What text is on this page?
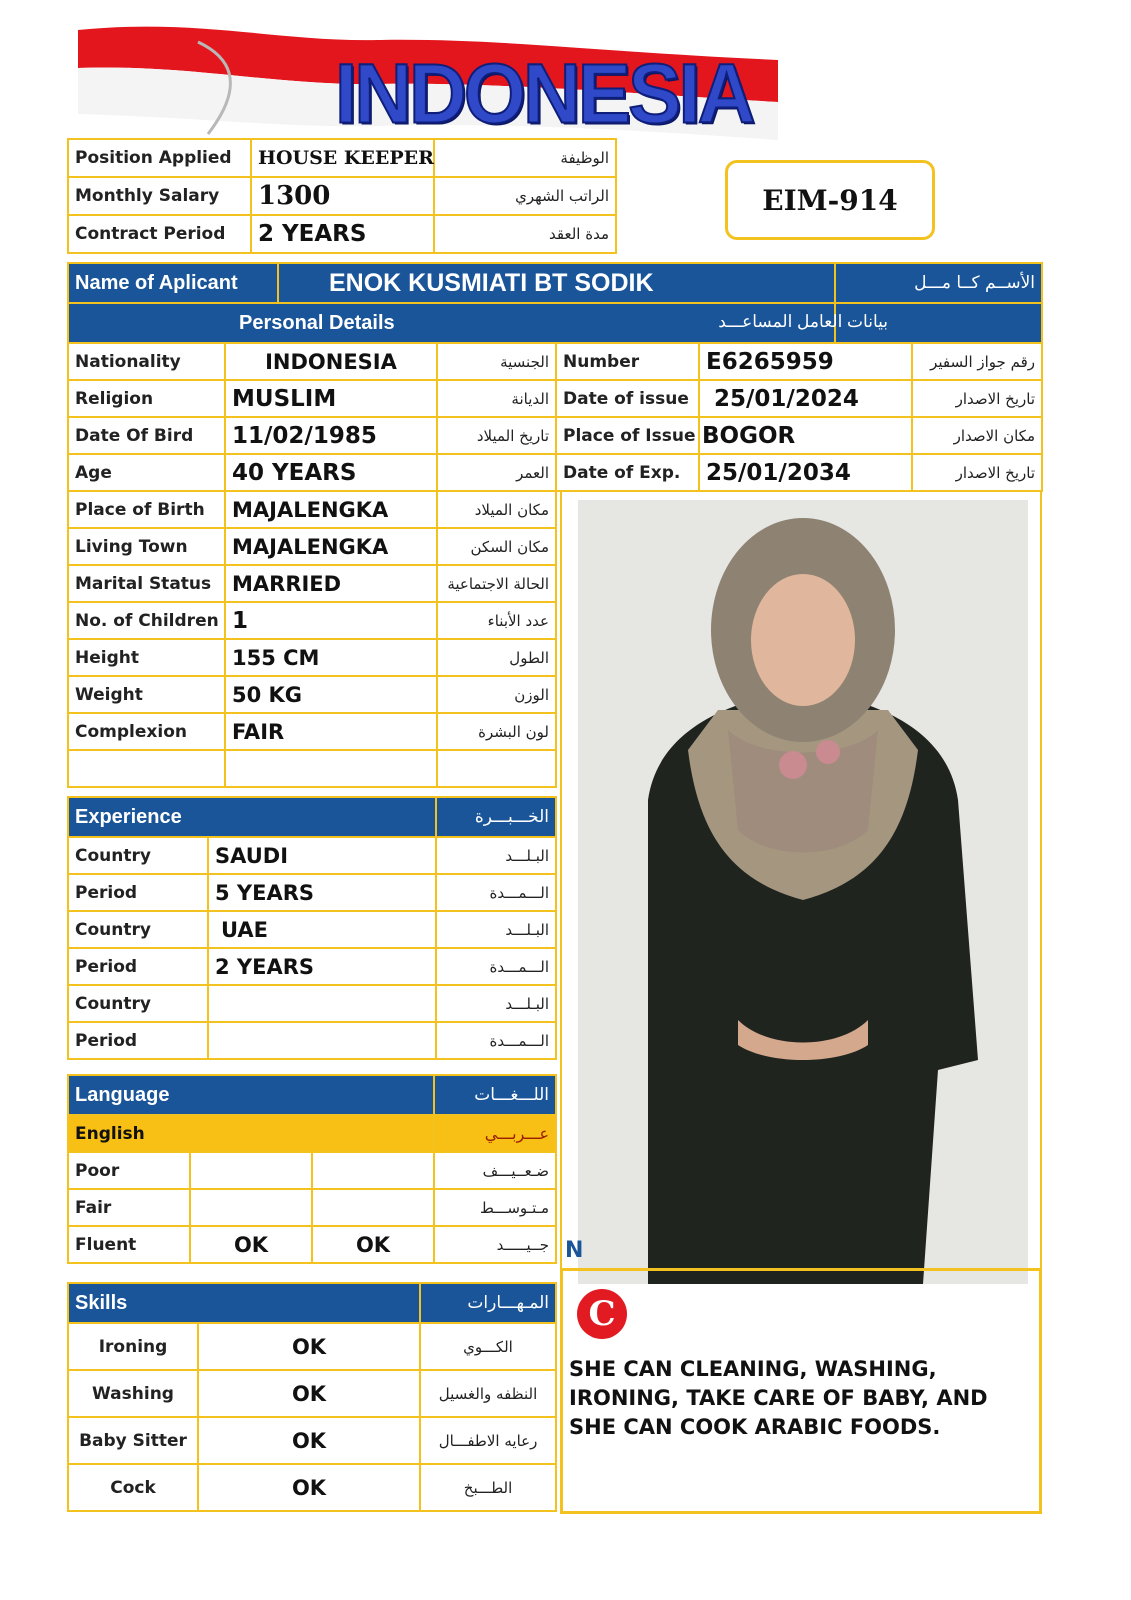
INDONESIA
Position Applied	HOUSE KEEPER	الوظيفة
Monthly Salary	1300	الراتب الشهري
Contract Period	2 YEARS	مدة العقد
EIM-914
Name of Aplicant	ENOK KUSMIATI BT SODIK	الأســم كــا مـــل
Personal Details بيانات العامل المساعـــد		

Nationality	INDONESIA	الجنسية
Religion	MUSLIM	الديانة
Date Of Bird	11/02/1985	تاريخ الميلاد
Age	40 YEARS	العمر
Place of Birth	MAJALENGKA	مكان الميلاد
Living Town	MAJALENGKA	مكان السكن
Marital Status	MARRIED	الحالة الاجتماعية
No. of Children	1	عدد الأبناء
Height	155 CM	الطول
Weight	50 KG	الوزن
Complexion	FAIR	لون البشرة

Number	E6265959	رقم جواز السفير
Date of issue	25/01/2024	تاريخ الاصدار
Place of Issue	BOGOR	مكان الاصدار
Date of Exp.	25/01/2034	تاريخ الاصدار
Experience		الخـــبـــرة
Country	SAUDI	البـلـــد
Period	5 YEARS	الـــمـــدة
Country	UAE	البـلـــد
Period	2 YEARS	الـــمـــدة
Country		البـلـــد
Period		الـــمـــدة
Language			اللـــغـــات
English			عـــربـــي
Poor			ضـعــيـــف
Fair			مـتـوســـط
Fluent	OK	OK	جــيـــــد
Skills		المـهـــارات
Ironing	OK	الكـــوي
Washing	OK	النظفه والغسيل
Baby Sitter	OK	رعايه الاطفـــال
Cock	OK	الطـــبخ
N
C
SHE CAN CLEANING, WASHING, IRONING, TAKE CARE OF BABY, AND SHE CAN COOK ARABIC FOODS.
